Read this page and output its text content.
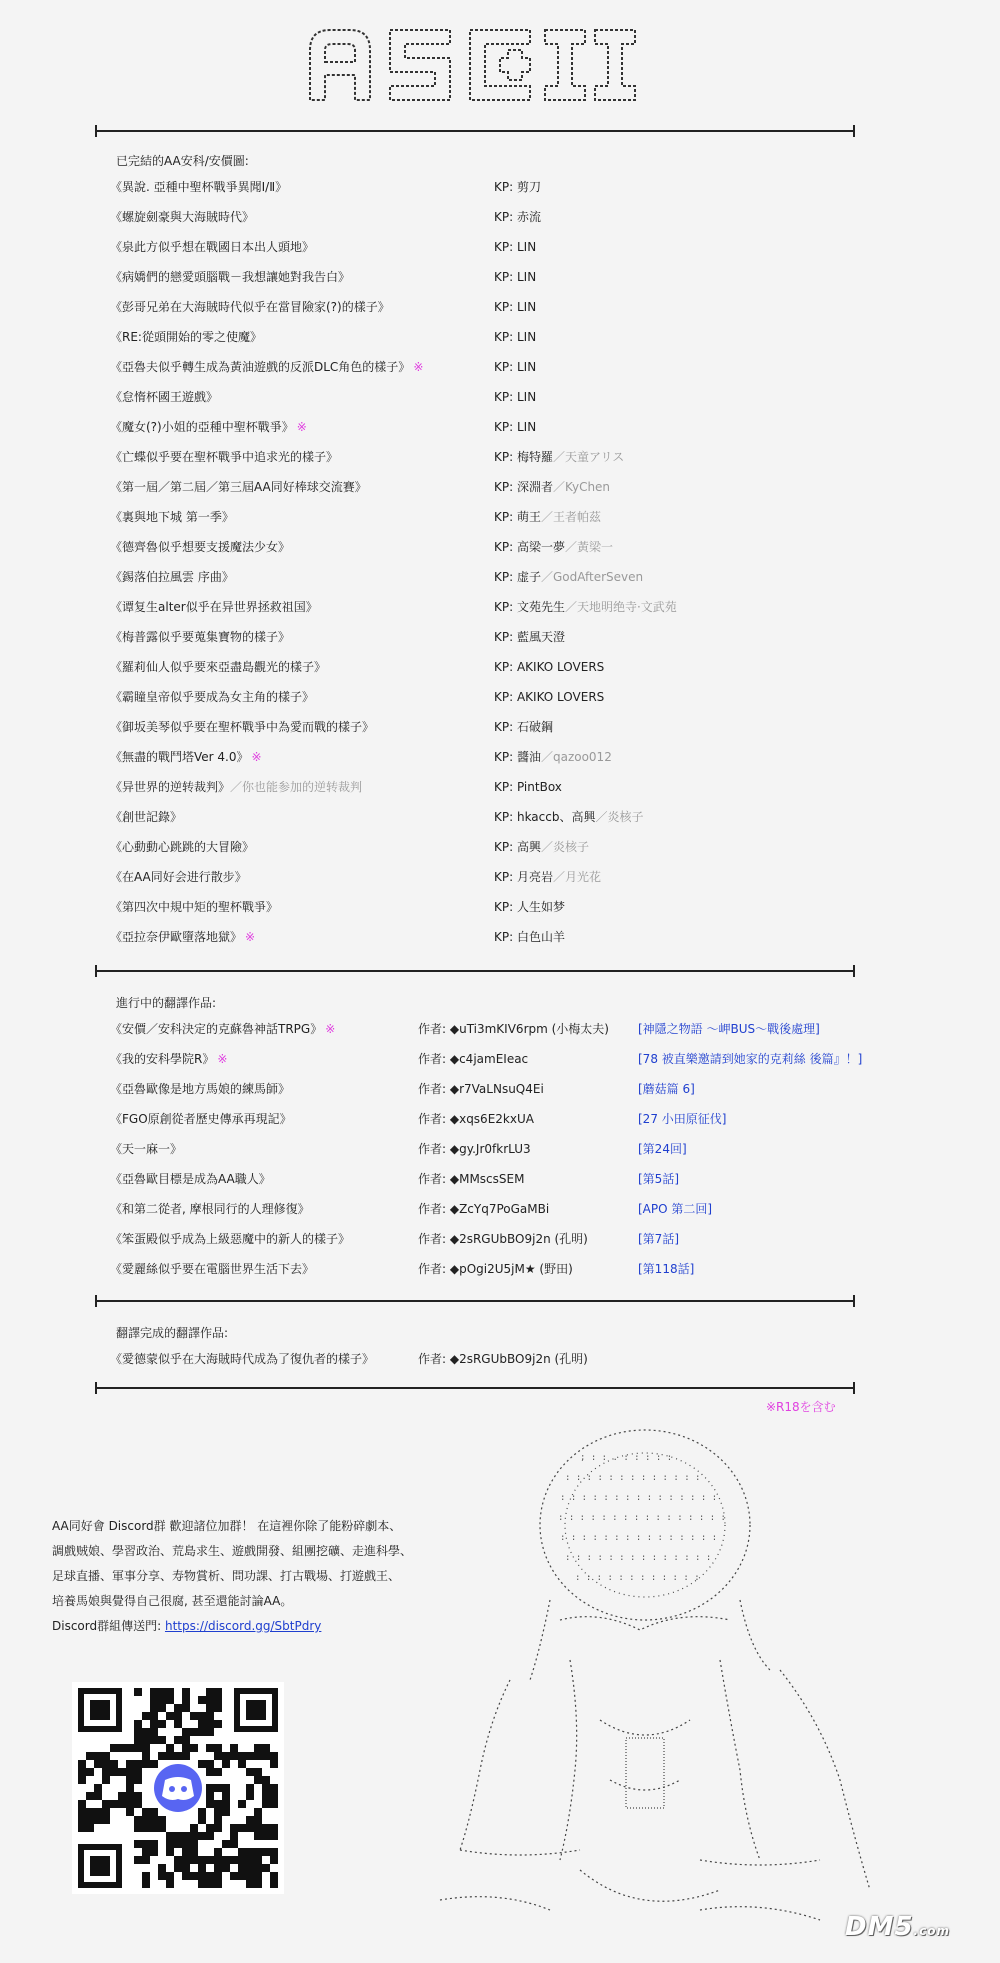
已完結的AA安科/安價圖:
《異說. 亞種中聖杯戰爭異聞Ⅰ/Ⅱ》	KP: 剪刀
《螺旋劍豪與大海賊時代》	KP: 赤流
《泉此方似乎想在戰國日本出人頭地》	KP: LIN
《病嬌們的戀愛頭腦戰－我想讓她對我告白》	KP: LIN
《彭哥兄弟在大海賊時代似乎在當冒險家(?)的樣子》	KP: LIN
《RE:從頭開始的零之使魔》	KP: LIN
《亞魯夫似乎轉生成為黃油遊戲的反派DLC角色的樣子》 ※	KP: LIN
《怠惰杯國王遊戲》	KP: LIN
《魔女(?)小姐的亞種中聖杯戰爭》 ※	KP: LIN
《亡蝶似乎要在聖杯戰爭中追求光的樣子》	KP: 梅特羅／天童アリス
《第一屆／第二屆／第三屆AA同好棒球交流賽》	KP: 深淵者／KyChen
《裏與地下城 第一季》	KP: 萌王／王者帕茲
《德齊魯似乎想要支援魔法少女》	KP: 高梁一夢／黃梁一
《錫落伯拉風雲 序曲》	KP: 虚子／GodAfterSeven
《谭复生alter似乎在异世界拯救祖国》	KP: 文苑先生／天地明绝寺·文武苑
《梅普露似乎要蒐集寶物的樣子》	KP: 藍風天澄
《羅莉仙人似乎要來亞盡島觀光的樣子》	KP: AKIKO LOVERS
《霸瞳皇帝似乎要成為女主角的樣子》	KP: AKIKO LOVERS
《御坂美琴似乎要在聖杯戰爭中為愛而戰的樣子》	KP: 石破鋼
《無盡的戰鬥塔Ver 4.0》 ※	KP: 醬油／qazoo012
《异世界的逆转裁判》／你也能参加的逆转裁判	KP: PintBox
《創世記錄》	KP: hkaccb、高興／炎核子
《心動動心跳跳的大冒險》	KP: 高興／炎核子
《在AA同好会进行散步》	KP: 月亮岩／月光花
《第四次中規中矩的聖杯戰爭》	KP: 人生如梦
《亞拉奈伊歐墮落地獄》 ※	KP: 白色山羊
進行中的翻譯作品:
《安價／安科決定的克蘇魯神話TRPG》 ※	作者: ◆uTi3mKIV6rpm (小梅太夫) [神隱之物語 ～岬BUS～戰後處理]
《我的安科學院R》 ※	作者: ◆c4jamEIeac	[78 被直樂邀請到她家的克莉絲 後篇』！]
《亞魯歐像是地方馬娘的練馬師》	作者: ◆r7VaLNsuQ4Ei	[蘑菇篇 6]
《FGO原創從者歷史傳承再現記》	作者: ◆xqs6E2kxUA	[27 小田原征伐]
《天一麻一》	作者: ◆gy.Jr0fkrLU3	[第24回]
《亞魯歐目標是成為AA職人》	作者: ◆MMscsSEM	[第5話]
《和第二從者, 摩根同行的人理修復》	作者: ◆ZcYq7PoGaMBi	[APO 第二回]
《笨蛋殿似乎成為上級惡魔中的新人的樣子》	作者: ◆2sRGUbBO9j2n (孔明)	[第7話]
《愛麗絲似乎要在電腦世界生活下去》	作者: ◆pOgi2U5jM★ (野田)	[第118話]
翻譯完成的翻譯作品:
《愛德蒙似乎在大海賊時代成為了復仇者的樣子》	作者: ◆2sRGUbBO9j2n (孔明)
※R18を含む
AA同好會 Discord群 歡迎諸位加群！ 在這裡你除了能粉碎劇本、
調戲贼娘、學習政治、荒島求生、遊戲開發、組團挖礦、走進科學、
足球直播、軍事分享、寿物賞析、問功課、打古戰場、打遊戲王、
培養馬娘與覺得自己很腐, 甚至還能討論AA。
Discord群組傳送門: https://discord.gg/SbtPdry
; : : . : : : : :
: : : : : : : : : : : : :
: : : : : : : : : : : : : : :
: : : : : : : : : : : : : : : :
: : : : : : : : : : : : : : :
: : : : : : : : : : : : : :
: : : : : : : : : : : :
DM5.com
